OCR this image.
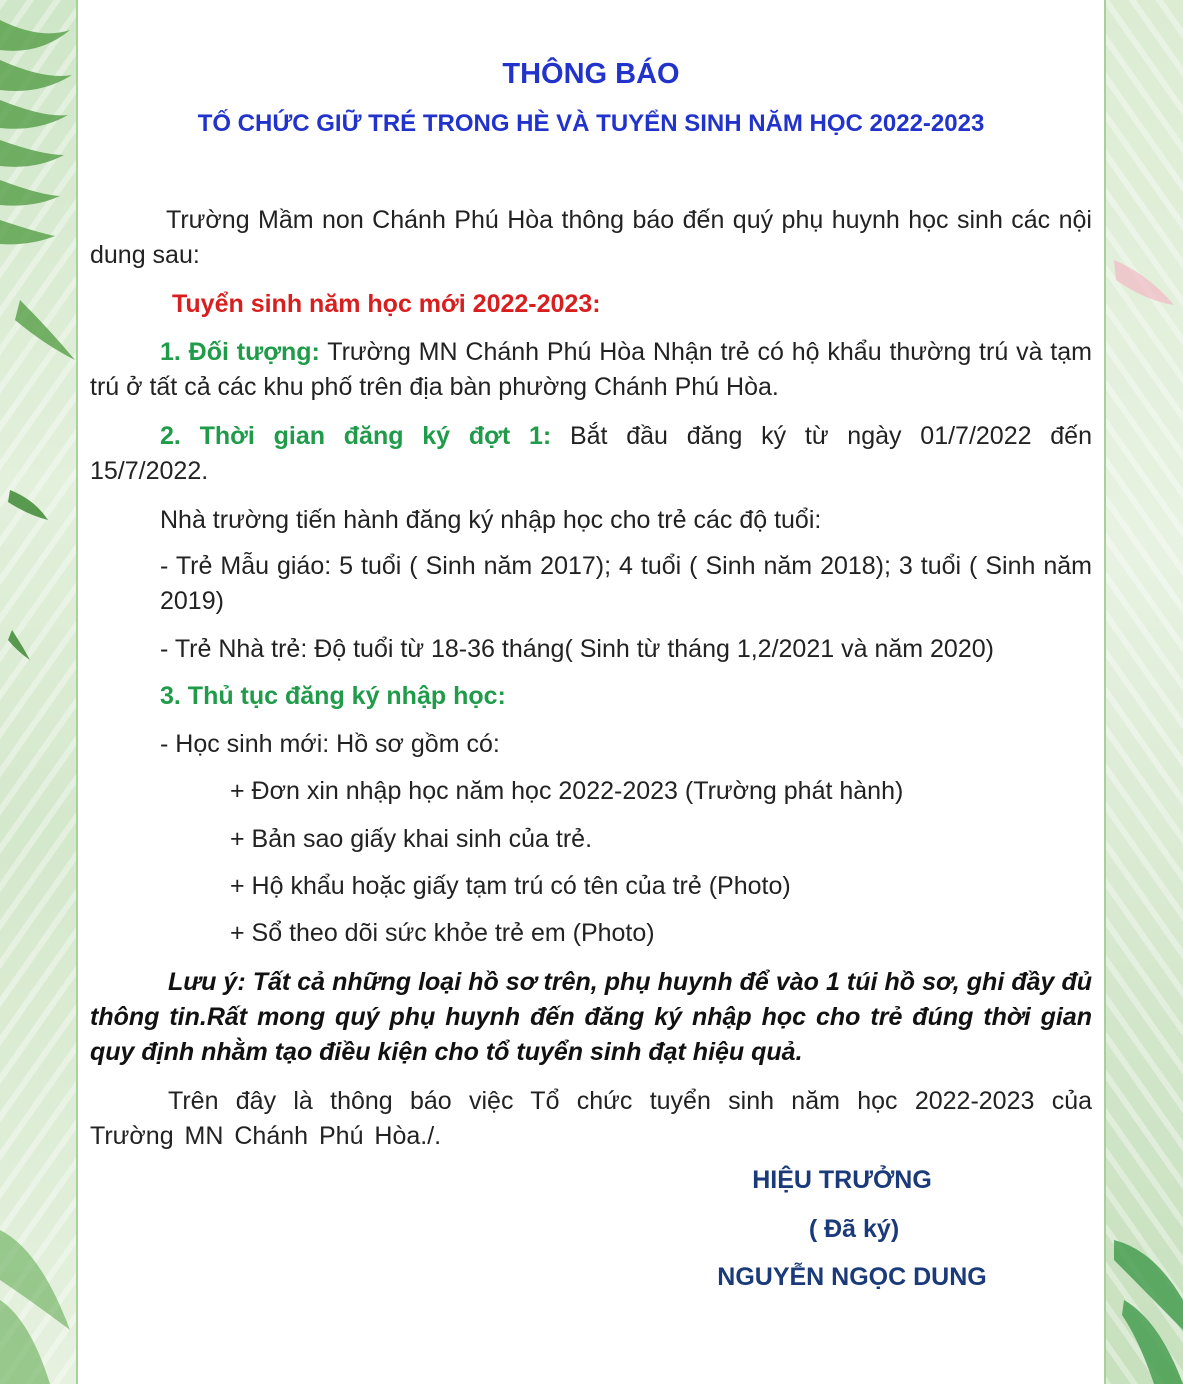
THÔNG BÁO
TỐ CHỨC GIỮ TRÉ TRONG HÈ VÀ TUYỂN SINH NĂM HỌC 2022-2023

Trường Mầm non Chánh Phú Hòa thông báo đến quý phụ huynh học sinh các nội dung sau:

Tuyển sinh năm học mới 2022-2023:

1. Đối tượng: Trường MN Chánh Phú Hòa Nhận trẻ có hộ khẩu thường trú và tạm trú ở tất cả các khu phố trên địa bàn phường Chánh Phú Hòa.

2. Thời gian đăng ký đợt 1: Bắt đầu đăng ký từ ngày 01/7/2022 đến 15/7/2022.

Nhà trường tiến hành đăng ký nhập học cho trẻ các độ tuổi:

- Trẻ Mẫu giáo: 5 tuổi ( Sinh năm 2017); 4 tuổi ( Sinh năm 2018); 3 tuổi ( Sinh năm 2019)

- Trẻ Nhà trẻ: Độ tuổi từ 18-36 tháng( Sinh từ tháng 1,2/2021 và năm 2020)

3. Thủ tục đăng ký nhập học:

- Học sinh mới: Hồ sơ gồm có:

+ Đơn xin nhập học năm học 2022-2023 (Trường phát hành)

+ Bản sao giấy khai sinh của trẻ.

+ Hộ khẩu hoặc giấy tạm trú có tên của trẻ (Photo)

+ Sổ theo dõi sức khỏe trẻ em (Photo)

Lưu ý: Tất cả những loại hồ sơ trên, phụ huynh để vào 1 túi hồ sơ, ghi đầy đủ thông tin.Rất mong quý phụ huynh đến đăng ký nhập học cho trẻ đúng thời gian quy định nhằm tạo điều kiện cho tổ tuyển sinh đạt hiệu quả.

Trên đây là thông báo việc Tổ chức tuyển sinh năm học 2022-2023 của Trường MN Chánh Phú Hòa./.

HIỆU TRƯỞNG
( Đã ký)
NGUYỄN NGỌC DUNG
